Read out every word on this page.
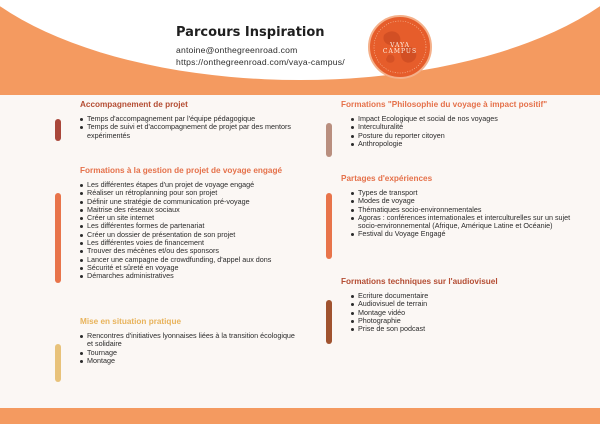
Parcours Inspiration
antoine@onthegreenroad.com
https://onthegreenroad.com/vaya-campus/
VAYA
CAMPUS
Accompagnement de projet
Temps d'accompagnement par l'équipe pédagogique
Temps de suivi et d'accompagnement de projet par des mentors expérimentés
Formations à la gestion de projet de voyage engagé
Les différentes étapes d'un projet de voyage engagé
Réaliser un rétroplanning pour son projet
Définir une stratégie de communication pré-voyage
Maitrise des réseaux sociaux
Créer un site internet
Les différentes formes de partenariat
Créer un dossier de présentation de son projet
Les différentes voies de financement
Trouver des mécènes et/ou des sponsors
Lancer une campagne de crowdfunding, d'appel aux dons
Sécurité et sûreté en voyage
Démarches administratives
Mise en situation pratique
Rencontres d'initiatives lyonnaises liées à la transition écologique et solidaire
Tournage
Montage
Formations "Philosophie du voyage à impact positif"
Impact Ecologique et social de nos voyages
Interculturalité
Posture du reporter citoyen
Anthropologie
Partages d'expériences
Types de transport
Modes de voyage
Thématiques socio-environnementales
Agoras : conférences internationales et interculturelles sur un sujet socio-environnemental (Afrique, Amérique Latine et Océanie)
Festival du Voyage Engagé
Formations techniques sur l'audiovisuel
Ecriture documentaire
Audiovisuel de terrain
Montage vidéo
Photographie
Prise de son podcast
